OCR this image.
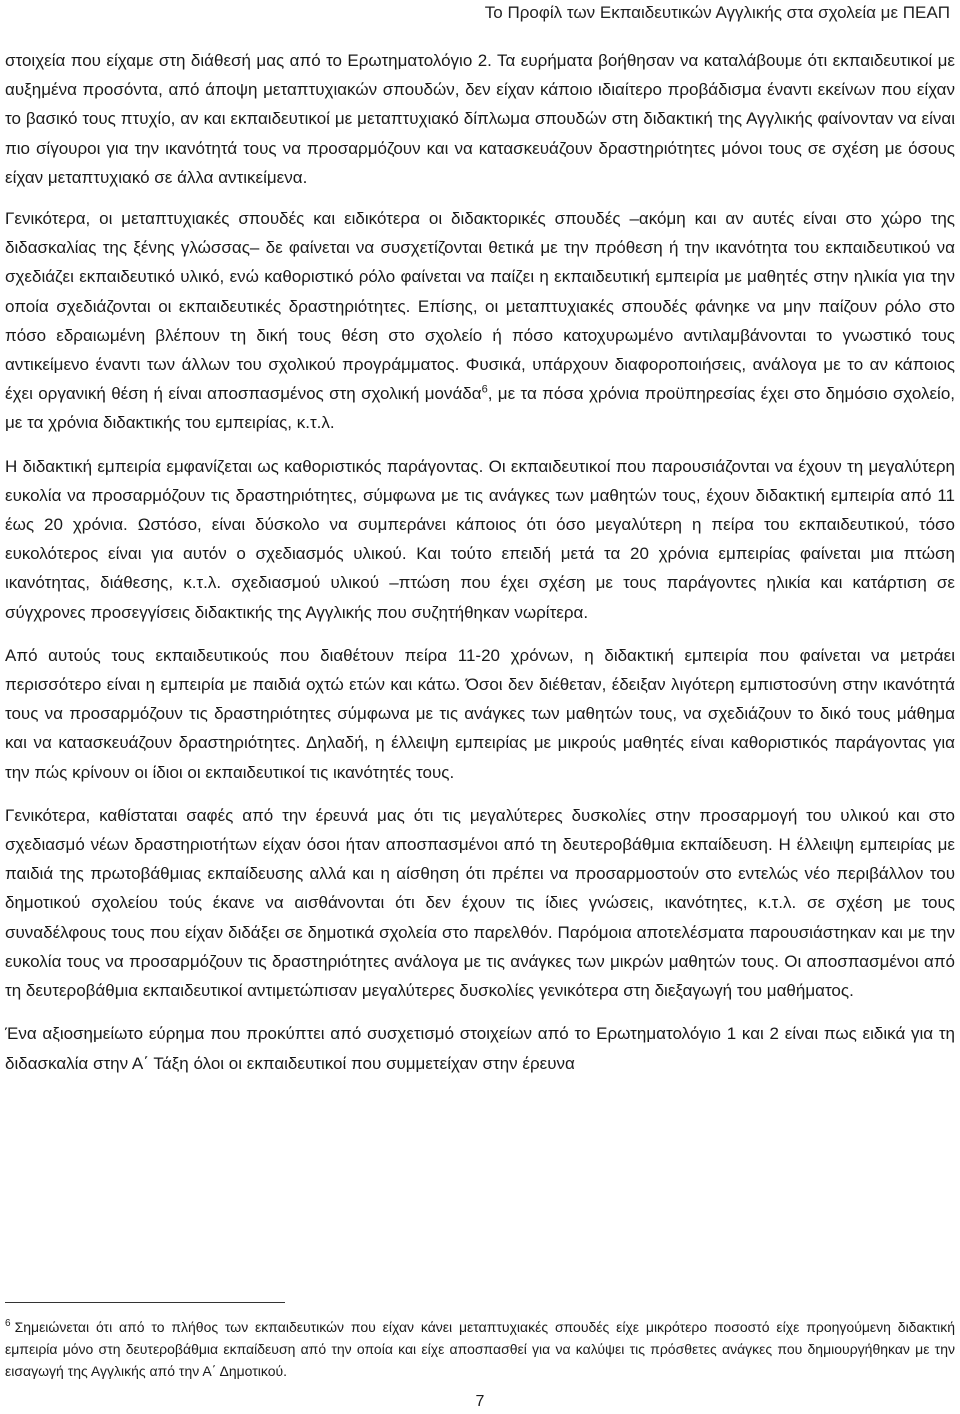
Το Προφίλ των Εκπαιδευτικών Αγγλικής στα σχολεία με ΠΕΑΠ

στοιχεία που είχαμε στη διάθεσή μας από το Ερωτηματολόγιο 2. Τα ευρήματα βοήθησαν να καταλάβουμε ότι εκπαιδευτικοί με αυξημένα προσόντα, από άποψη μεταπτυχιακών σπουδών, δεν είχαν κάποιο ιδιαίτερο προβάδισμα έναντι εκείνων που είχαν το βασικό τους πτυχίο, αν και εκπαιδευτικοί με μεταπτυχιακό δίπλωμα σπουδών στη διδακτική της Αγγλικής φαίνονταν να είναι πιο σίγουροι για την ικανότητά τους να προσαρμόζουν και να κατασκευάζουν δραστηριότητες μόνοι τους σε σχέση με όσους είχαν μεταπτυχιακό σε άλλα αντικείμενα.

Γενικότερα, οι μεταπτυχιακές σπουδές και ειδικότερα οι διδακτορικές σπουδές –ακόμη και αν αυτές είναι στο χώρο της διδασκαλίας της ξένης γλώσσας– δε φαίνεται να συσχετίζονται θετικά με την πρόθεση ή την ικανότητα του εκπαιδευτικού να σχεδιάζει εκπαιδευτικό υλικό, ενώ καθοριστικό ρόλο φαίνεται να παίζει η εκπαιδευτική εμπειρία με μαθητές στην ηλικία για την οποία σχεδιάζονται οι εκπαιδευτικές δραστηριότητες. Επίσης, οι μεταπτυχιακές σπουδές φάνηκε να μην παίζουν ρόλο στο πόσο εδραιωμένη βλέπουν τη δική τους θέση στο σχολείο ή πόσο κατοχυρωμένο αντιλαμβάνονται το γνωστικό τους αντικείμενο έναντι των άλλων του σχολικού προγράμματος. Φυσικά, υπάρχουν διαφοροποιήσεις, ανάλογα με το αν κάποιος έχει οργανική θέση ή είναι αποσπασμένος στη σχολική μονάδα$^6$, με τα πόσα χρόνια προϋπηρεσίας έχει στο δημόσιο σχολείο, με τα χρόνια διδακτικής του εμπειρίας, κ.τ.λ.

Η διδακτική εμπειρία εμφανίζεται ως καθοριστικός παράγοντας. Οι εκπαιδευτικοί που παρουσιάζονται να έχουν τη μεγαλύτερη ευκολία να προσαρμόζουν τις δραστηριότητες, σύμφωνα με τις ανάγκες των μαθητών τους, έχουν διδακτική εμπειρία από 11 έως 20 χρόνια. Ωστόσο, είναι δύσκολο να συμπεράνει κάποιος ότι όσο μεγαλύτερη η πείρα του εκπαιδευτικού, τόσο ευκολότερος είναι για αυτόν ο σχεδιασμός υλικού. Και τούτο επειδή μετά τα 20 χρόνια εμπειρίας φαίνεται μια πτώση ικανότητας, διάθεσης, κ.τ.λ. σχεδιασμού υλικού –πτώση που έχει σχέση με τους παράγοντες ηλικία και κατάρτιση σε σύγχρονες προσεγγίσεις διδακτικής της Αγγλικής που συζητήθηκαν νωρίτερα.

Από αυτούς τους εκπαιδευτικούς που διαθέτουν πείρα 11-20 χρόνων, η διδακτική εμπειρία που φαίνεται να μετράει περισσότερο είναι η εμπειρία με παιδιά οχτώ ετών και κάτω. Όσοι δεν διέθεταν, έδειξαν λιγότερη εμπιστοσύνη στην ικανότητά τους να προσαρμόζουν τις δραστηριότητες σύμφωνα με τις ανάγκες των μαθητών τους, να σχεδιάζουν το δικό τους μάθημα και να κατασκευάζουν δραστηριότητες. Δηλαδή, η έλλειψη εμπειρίας με μικρούς μαθητές είναι καθοριστικός παράγοντας για την πώς κρίνουν οι ίδιοι οι εκπαιδευτικοί τις ικανότητές τους.

Γενικότερα, καθίσταται σαφές από την έρευνά μας ότι τις μεγαλύτερες δυσκολίες στην προσαρμογή του υλικού και στο σχεδιασμό νέων δραστηριοτήτων είχαν όσοι ήταν αποσπασμένοι από τη δευτεροβάθμια εκπαίδευση. Η έλλειψη εμπειρίας με παιδιά της πρωτοβάθμιας εκπαίδευσης αλλά και η αίσθηση ότι πρέπει να προσαρμοστούν στο εντελώς νέο περιβάλλον του δημοτικού σχολείου τούς έκανε να αισθάνονται ότι δεν έχουν τις ίδιες γνώσεις, ικανότητες, κ.τ.λ. σε σχέση με τους συναδέλφους τους που είχαν διδάξει σε δημοτικά σχολεία στο παρελθόν. Παρόμοια αποτελέσματα παρουσιάστηκαν και με την ευκολία τους να προσαρμόζουν τις δραστηριότητες ανάλογα με τις ανάγκες των μικρών μαθητών τους. Οι αποσπασμένοι από τη δευτεροβάθμια εκπαιδευτικοί αντιμετώπισαν μεγαλύτερες δυσκολίες γενικότερα στη διεξαγωγή του μαθήματος.

Ένα αξιοσημείωτο εύρημα που προκύπτει από συσχετισμό στοιχείων από το Ερωτηματολόγιο 1 και 2 είναι πως ειδικά για τη διδασκαλία στην Α΄ Τάξη όλοι οι εκπαιδευτικοί που συμμετείχαν στην έρευνα

$^6$ Σημειώνεται ότι από το πλήθος των εκπαιδευτικών που είχαν κάνει μεταπτυχιακές σπουδές είχε μικρότερο ποσοστό είχε προηγούμενη διδακτική εμπειρία μόνο στη δευτεροβάθμια εκπαίδευση από την οποία και είχε αποσπασθεί για να καλύψει τις πρόσθετες ανάγκες που δημιουργήθηκαν με την εισαγωγή της Αγγλικής από την Α΄ Δημοτικού.
7
